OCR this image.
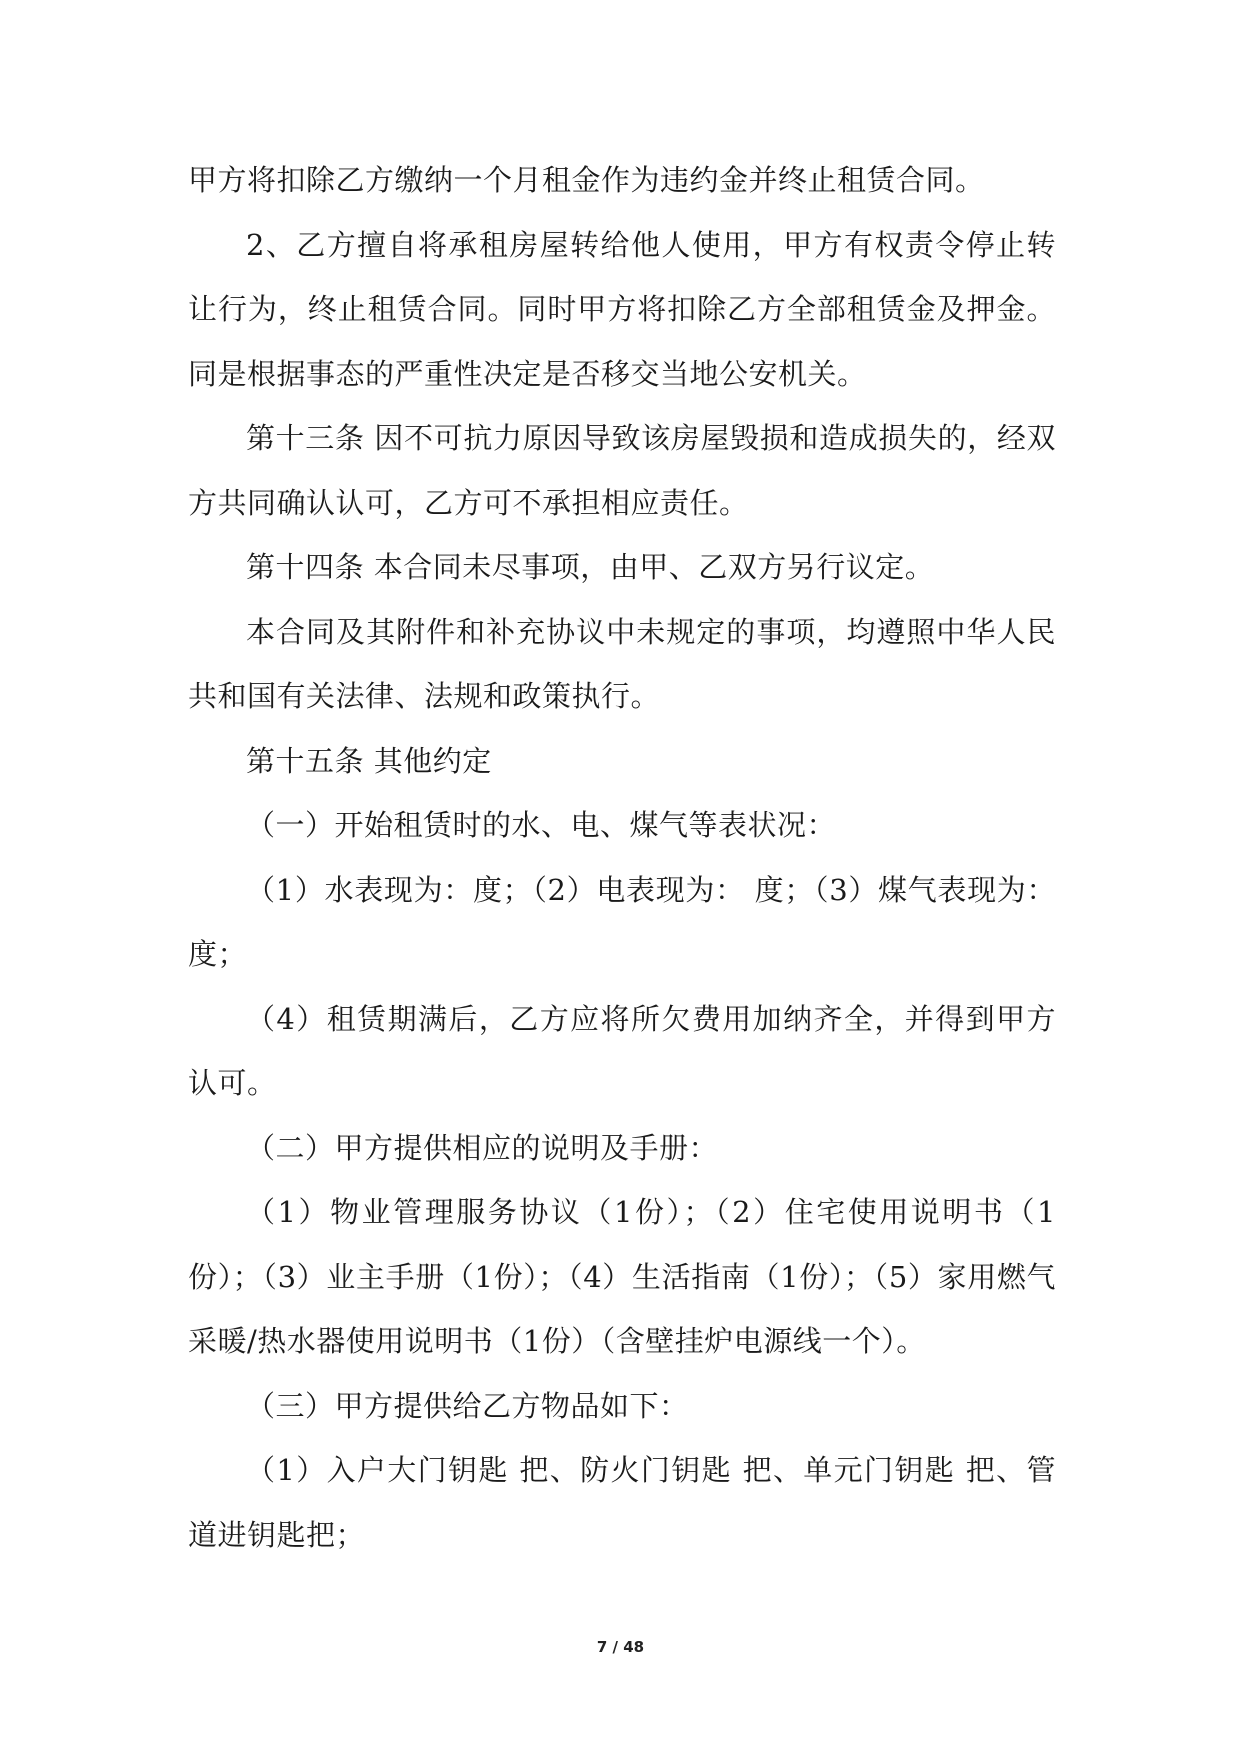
甲方将扣除乙方缴纳一个月租金作为违约金并终止租赁合同。

2、乙方擅自将承租房屋转给他人使用，甲方有权责令停止转让行为，终止租赁合同。同时甲方将扣除乙方全部租赁金及押金。同是根据事态的严重性决定是否移交当地公安机关。

第十三条 因不可抗力原因导致该房屋毁损和造成损失的，经双方共同确认认可，乙方可不承担相应责任。

第十四条 本合同未尽事项，由甲、乙双方另行议定。

本合同及其附件和补充协议中未规定的事项，均遵照中华人民共和国有关法律、法规和政策执行。

第十五条 其他约定

（一）开始租赁时的水、电、煤气等表状况：

（1）水表现为：度；（2）电表现为： 度；（3）煤气表现为：度；

（4）租赁期满后，乙方应将所欠费用加纳齐全，并得到甲方认可。

（二）甲方提供相应的说明及手册：

（1）物业管理服务协议（1份）；（2）住宅使用说明书（1份）；（3）业主手册（1份）；（4）生活指南（1份）；（5）家用燃气采暖/热水器使用说明书（1份）（含壁挂炉电源线一个）。

（三）甲方提供给乙方物品如下：

（1）入户大门钥匙 把、防火门钥匙 把、单元门钥匙 把、管道进钥匙把；

7 / 48
